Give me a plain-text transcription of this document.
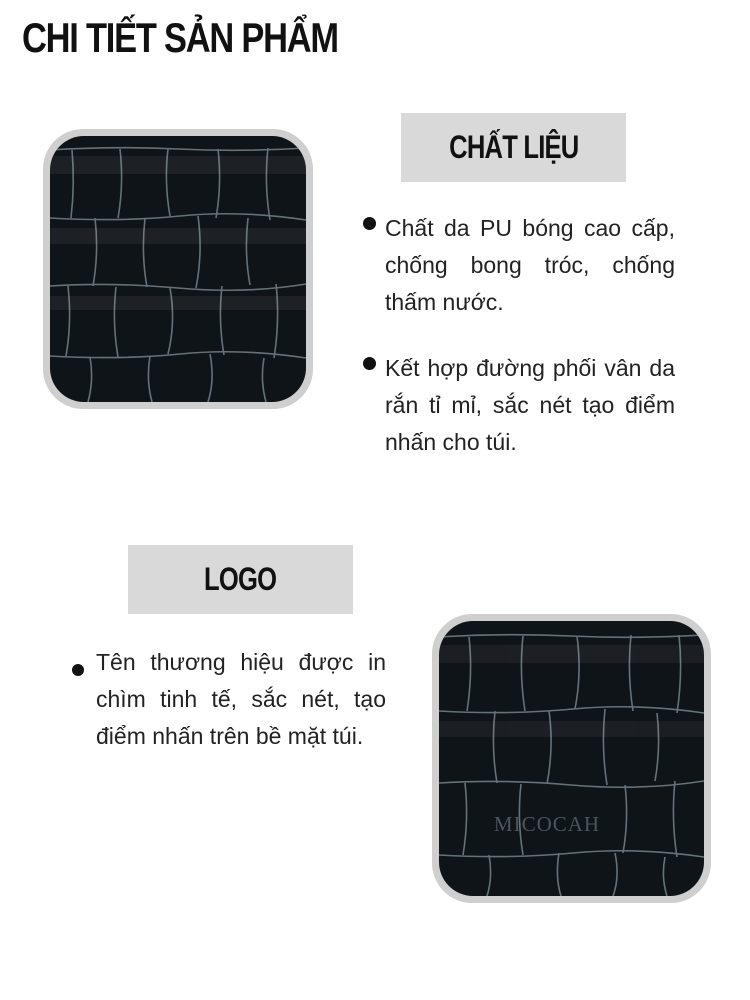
CHI TIẾT SẢN PHẨM
CHẤT LIỆU
Chất da PU bóng cao cấp, chống bong tróc, chống thấm nước.
Kết hợp đường phối vân da rắn tỉ mỉ, sắc nét tạo điểm nhấn cho túi.
LOGO
Tên thương hiệu được in chìm tinh tế, sắc nét, tạo điểm nhấn trên bề mặt túi.
MICOCAH
